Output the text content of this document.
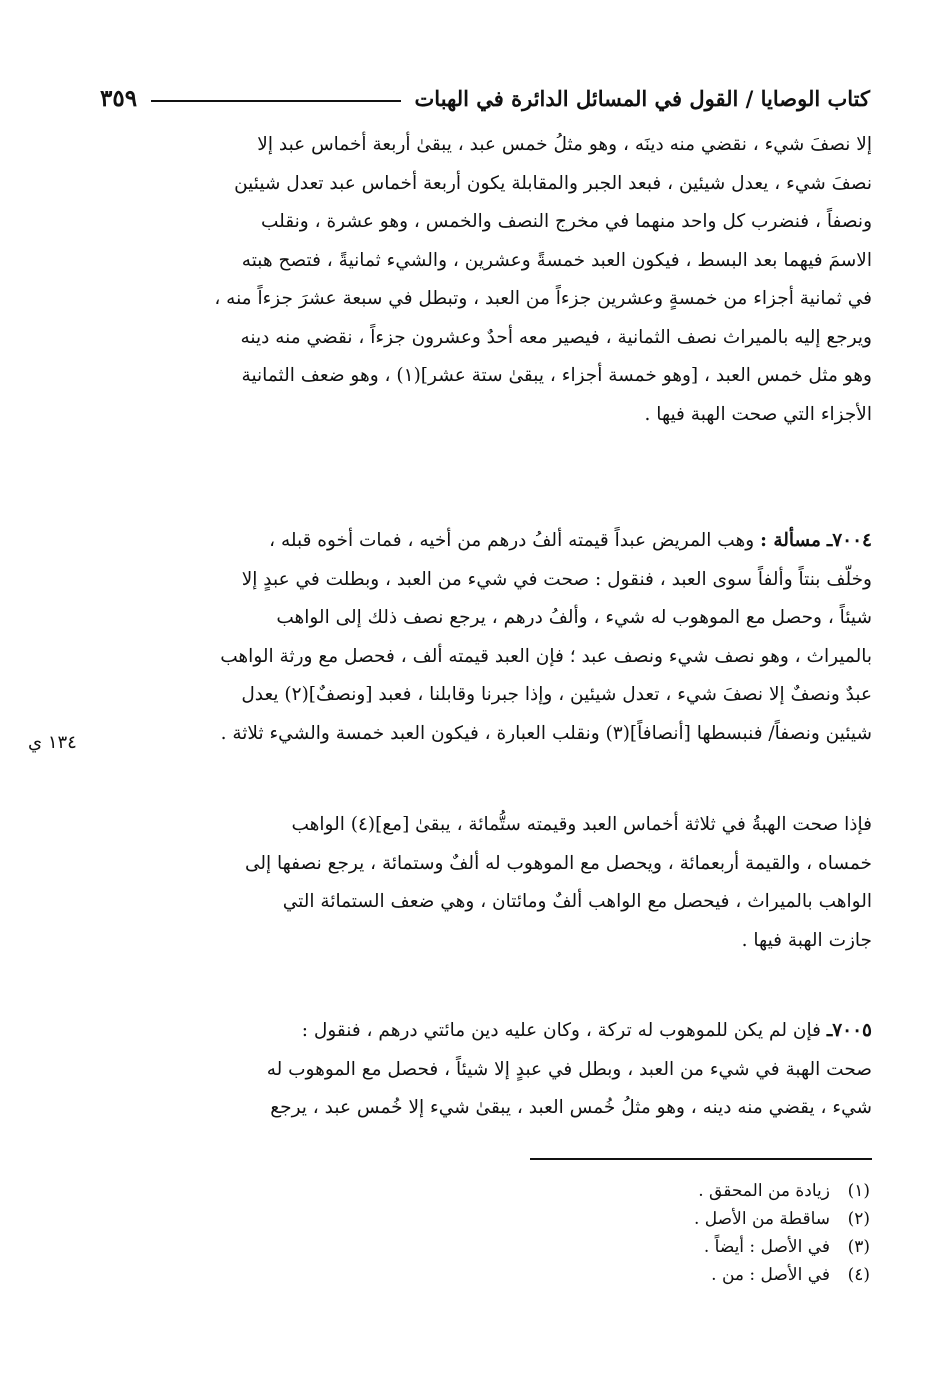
كتاب الوصايا / القول في المسائل الدائرة في الهبات
٣٥٩
إلا نصفَ شيء ، نقضي منه دينَه ، وهو مثلُ خمس عبد ، يبقىٰ أربعة أخماس عبد إلا
نصفَ شيء ، يعدل شيئين ، فبعد الجبر والمقابلة يكون أربعة أخماس عبد تعدل شيئين
ونصفاً ، فنضرب كل واحد منهما في مخرج النصف والخمس ، وهو عشرة ، ونقلب
الاسمَ فيهما بعد البسط ، فيكون العبد خمسةً وعشرين ، والشيء ثمانيةً ، فتصح هبته
في ثمانية أجزاء من خمسةٍ وعشرين جزءاً من العبد ، وتبطل في سبعة عشرَ جزءاً منه ،
ويرجع إليه بالميراث نصف الثمانية ، فيصير معه أحدٌ وعشرون جزءاً ، نقضي منه دينه
وهو مثل خمس العبد ، [وهو خمسة أجزاء ، يبقىٰ ستة عشر](١) ، وهو ضعف الثمانية
الأجزاء التي صحت الهبة فيها .
٧٠٠٤ـ مسألة : وهب المريض عبداً قيمته ألفُ درهم من أخيه ، فمات أخوه قبله ،
وخلّف بنتاً وألفاً سوى العبد ، فنقول : صحت في شيء من العبد ، وبطلت في عبدٍ إلا
شيئاً ، وحصل مع الموهوب له شيء ، وألفُ درهم ، يرجع نصف ذلك إلى الواهب
بالميراث ، وهو نصف شيء ونصف عبد ؛ فإن العبد قيمته ألف ، فحصل مع ورثة الواهب
عبدٌ ونصفٌ إلا نصفَ شيء ، تعدل شيئين ، وإذا جبرنا وقابلنا ، فعبد [ونصفٌ](٢) يعدل
شيئين ونصفاً/ فنبسطها [أنصافاً](٣) ونقلب العبارة ، فيكون العبد خمسة والشيء ثلاثة .
١٣٤ ي
فإذا صحت الهبةُ في ثلاثة أخماس العبد وقيمته ستُّمائة ، يبقىٰ [مع](٤) الواهب
خمساه ، والقيمة أربعمائة ، ويحصل مع الموهوب له ألفٌ وستمائة ، يرجع نصفها إلى
الواهب بالميراث ، فيحصل مع الواهب ألفٌ ومائتان ، وهي ضعف الستمائة التي
جازت الهبة فيها .
٧٠٠٥ـ فإن لم يكن للموهوب له تركة ، وكان عليه دين مائتي درهم ، فنقول :
صحت الهبة في شيء من العبد ، وبطل في عبدٍ إلا شيئاً ، فحصل مع الموهوب له
شيء ، يقضي منه دينه ، وهو مثلُ خُمس العبد ، يبقىٰ شيء إلا خُمس عبد ، يرجع
(١)
زيادة من المحقق .
(٢)
ساقطة من الأصل .
(٣)
في الأصل : أيضاً .
(٤)
في الأصل : من .
